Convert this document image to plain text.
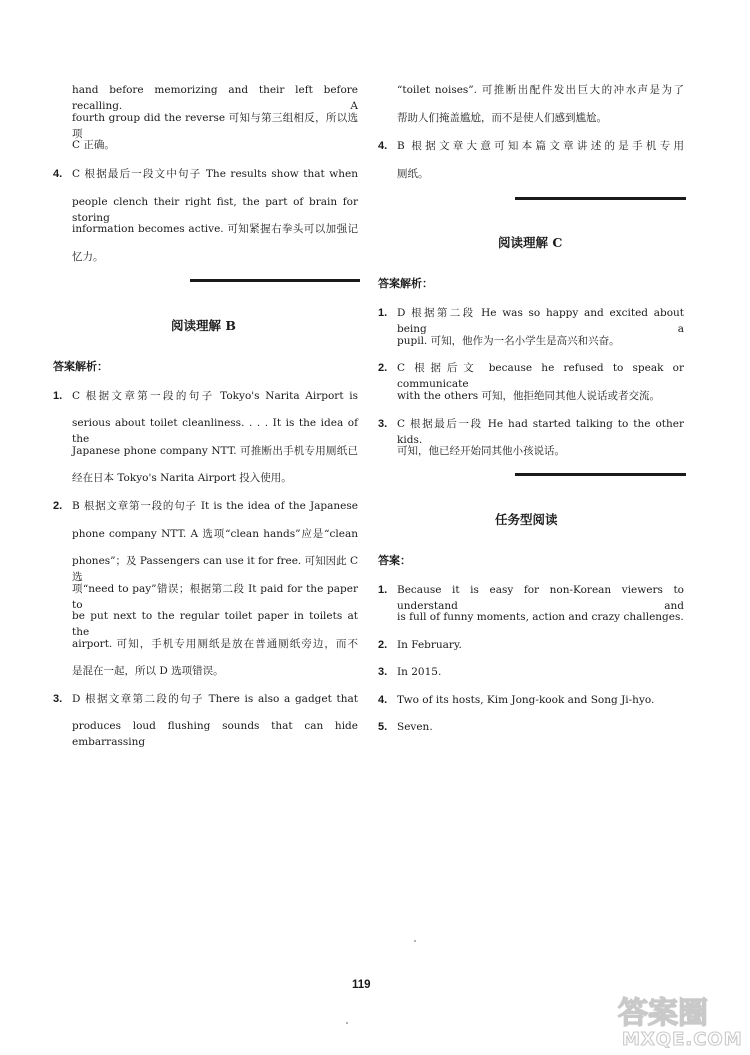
hand before memorizing and their left before recalling. A
fourth group did the reverse 可知与第三组相反，所以选项
C 正确。
4. C 根据最后一段文中句子 The results show that when
people clench their right fist, the part of brain for storing
information becomes active. 可知紧握右拳头可以加强记
忆力。
阅读理解 B
答案解析：
1. C 根据文章第一段的句子 Tokyo's Narita Airport is
serious about toilet cleanliness. . . . It is the idea of the
Japanese phone company NTT. 可推断出手机专用厕纸已
经在日本 Tokyo's Narita Airport 投入使用。
2. B 根据文章第一段的句子 It is the idea of the Japanese
phone company NTT. A 选项“clean hands”应是“clean
phones”；及 Passengers can use it for free. 可知因此 C 选
项“need to pay”错误；根据第二段 It paid for the paper to
be put next to the regular toilet paper in toilets at the
airport. 可知，手机专用厕纸是放在普通厕纸旁边，而不
是混在一起，所以 D 选项错误。
3. D 根据文章第二段的句子 There is also a gadget that
produces loud flushing sounds that can hide embarrassing
“toilet noises”. 可推断出配件发出巨大的冲水声是为了
帮助人们掩盖尴尬，而不是使人们感到尴尬。
4. B 根据文章大意可知本篇文章讲述的是手机专用
厕纸。
阅读理解 C
答案解析：
1. D 根据第二段 He was so happy and excited about being a
pupil. 可知，他作为一名小学生是高兴和兴奋。
2. C 根据后文 because he refused to speak or communicate
with the others 可知，他拒绝同其他人说话或者交流。
3. C 根据最后一段 He had started talking to the other kids.
可知，他已经开始同其他小孩说话。
任务型阅读
答案：
1. Because it is easy for non-Korean viewers to understand and
is full of funny moments, action and crazy challenges.
2. In February.
3. In 2015.
4. Two of its hosts, Kim Jong-kook and Song Ji-hyo.
5. Seven.
119
答案圈
MXQE.COM
